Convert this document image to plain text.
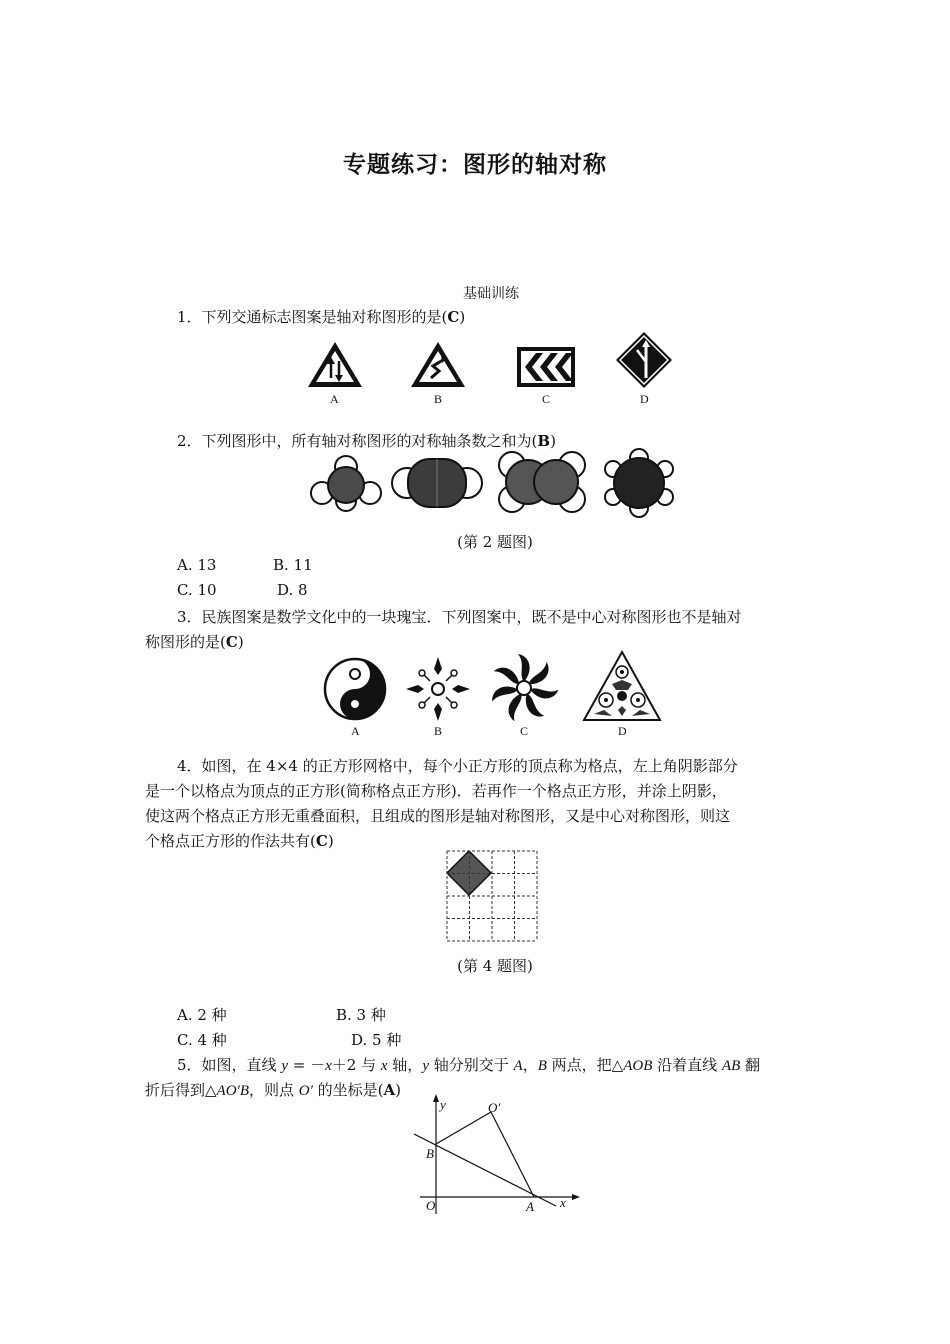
专题练习：图形的轴对称
基础训练
1．下列交通标志图案是轴对称图形的是(C)
A	B	C	D
2．下列图形中，所有轴对称图形的对称轴条数之和为(B)
(第 2 题图)
A. 13	B. 11
C. 10	D. 8
3．民族图案是数学文化中的一块瑰宝．下列图案中，既不是中心对称图形也不是轴对
称图形的是(C)
A	B	C	D
4．如图，在 4×4 的正方形网格中，每个小正方形的顶点称为格点，左上角阴影部分
是一个以格点为顶点的正方形(简称格点正方形)．若再作一个格点正方形，并涂上阴影，
使这两个格点正方形无重叠面积，且组成的图形是轴对称图形，又是中心对称图形，则这
个格点正方形的作法共有(C)
(第 4 题图)
A. 2 种	B. 3 种
C. 4 种	D. 5 种
5．如图，直线 y = －x＋2 与 x 轴，y 轴分别交于 A，B 两点，把△AOB 沿着直线 AB 翻
折后得到△AO′B，则点 O′ 的坐标是(A)
y
x
O	A
B
O′
